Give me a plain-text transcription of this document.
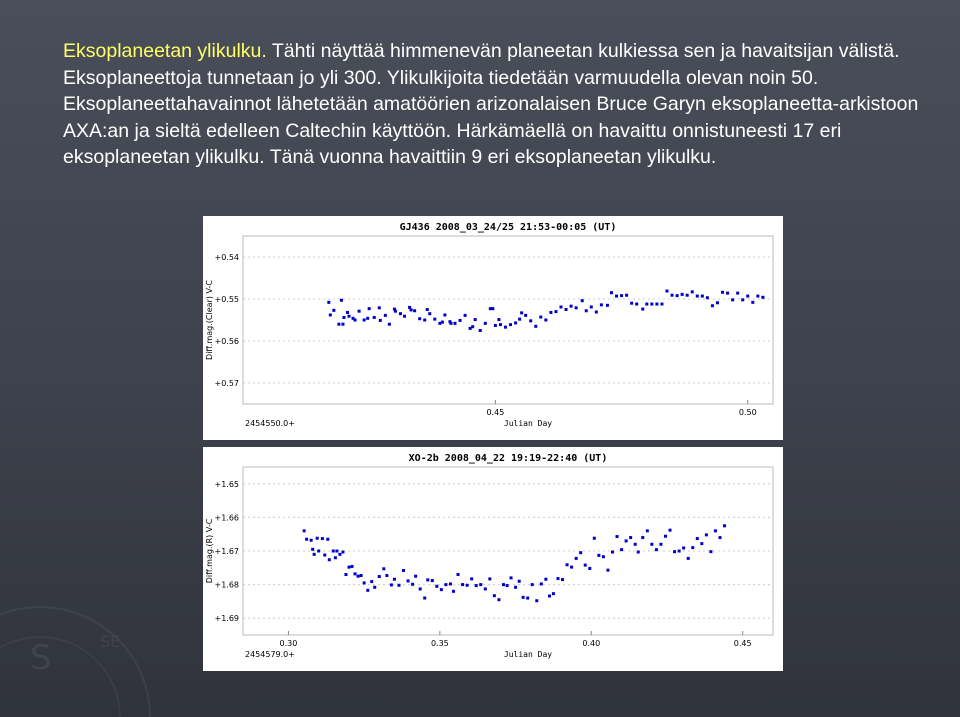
S	SE

Eksoplaneetan ylikulku. Tähti näyttää himmenevän planeetan kulkiessa sen ja havaitsijan välistä. Eksoplaneettoja tunnetaan jo yli 300. Ylikulkijoita tiedetään varmuudella olevan noin 50. Eksoplaneettahavainnot lähetetään amatöörien arizonalaisen Bruce Garyn eksoplaneetta-arkistoon AXA:an ja sieltä edelleen Caltechin käyttöön. Härkämäellä on havaittu onnistuneesti 17 eri eksoplaneetan ylikulku. Tänä vuonna havaittiin 9 eri eksoplaneetan ylikulku.

GJ436 2008_03_24/25 21:53-00:05 (UT)
+0.54
+0.55
+0.56
+0.57
0.45	0.50
Diff.mag.(Clear) V-C
Julian Day
2454550.0+
XO-2b 2008_04_22 19:19-22:40 (UT)
+1.65
+1.66
+1.67
+1.68
+1.69
0.30	0.35	0.40	0.45
Diff.mag.(R) V-C
Julian Day
2454579.0+
